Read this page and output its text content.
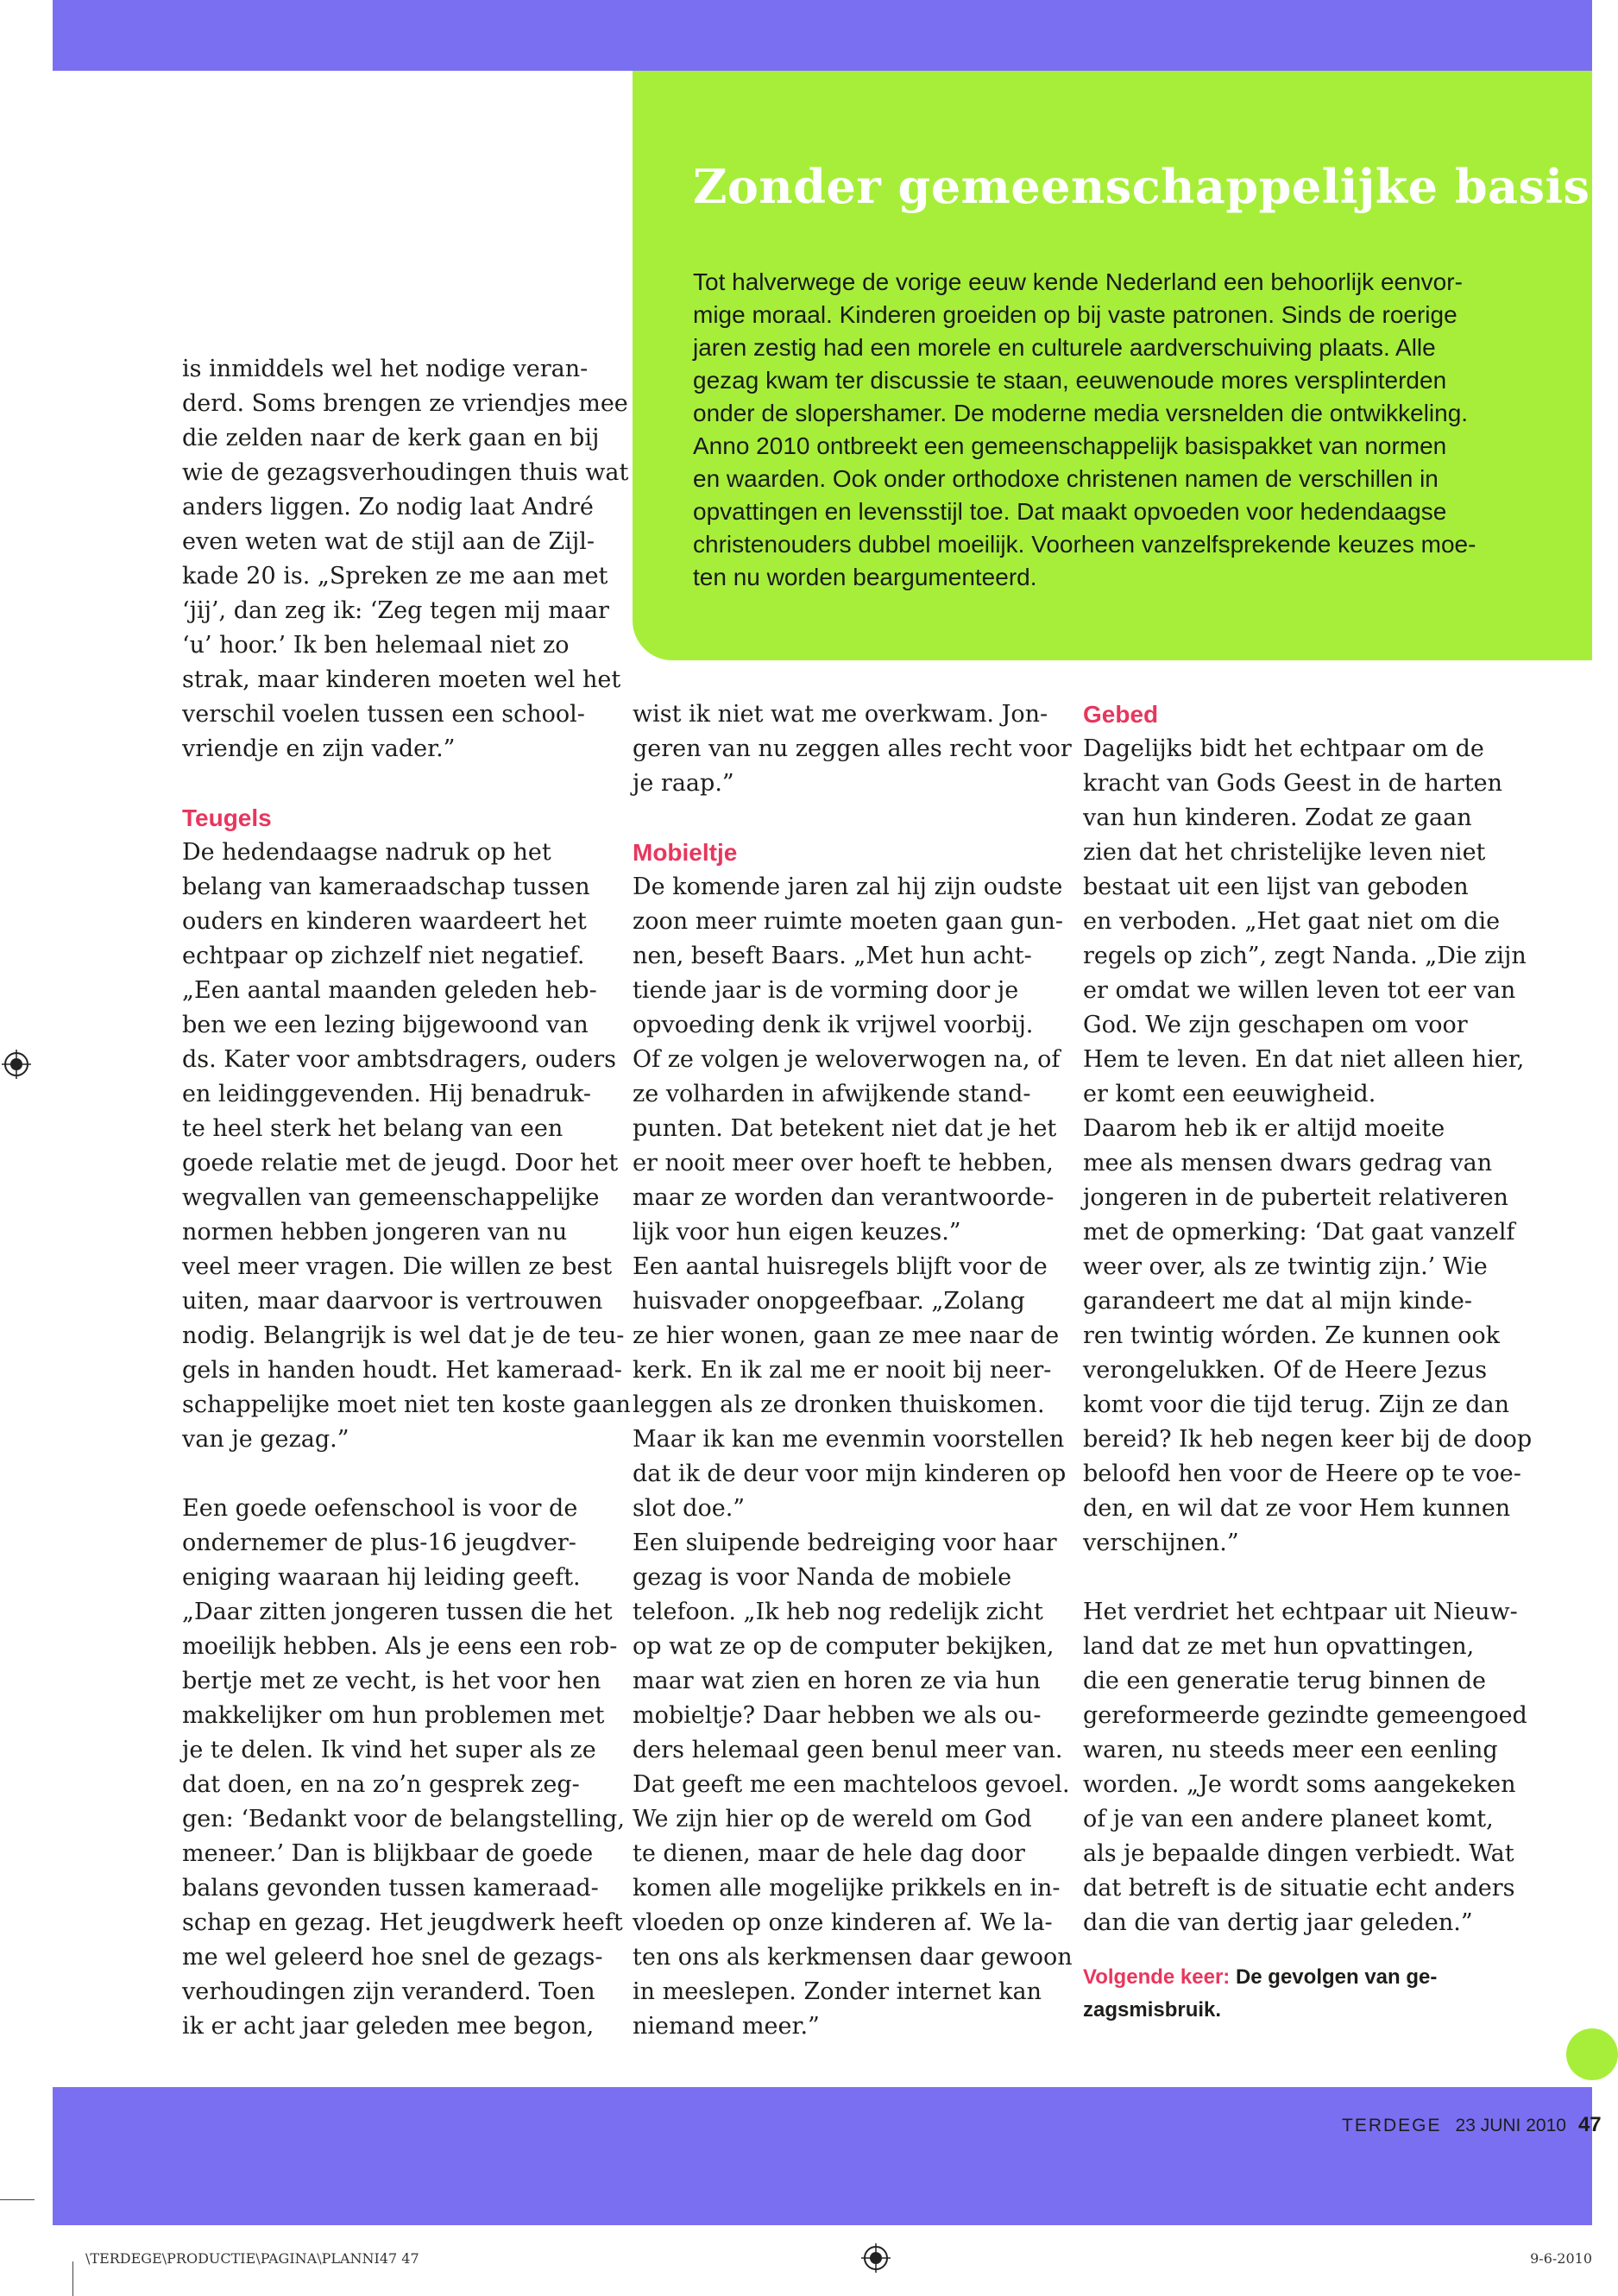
Zonder gemeenschappelijke basis
Tot halverwege de vorige eeuw kende Nederland een behoorlijk eenvor-
mige moraal. Kinderen groeiden op bij vaste patronen. Sinds de roerige
jaren zestig had een morele en culturele aardverschuiving plaats. Alle
gezag kwam ter discussie te staan, eeuwenoude mores versplinterden
onder de slopershamer. De moderne media versnelden die ontwikkeling.
Anno 2010 ontbreekt een gemeenschappelijk basispakket van normen
en waarden. Ook onder orthodoxe christenen namen de verschillen in
opvattingen en levensstijl toe. Dat maakt opvoeden voor hedendaagse
christenouders dubbel moeilijk. Voorheen vanzelfsprekende keuzes moe-
ten nu worden beargumenteerd.
is inmiddels wel het nodige veran-
derd. Soms brengen ze vriendjes mee
die zelden naar de kerk gaan en bij
wie de gezagsverhoudingen thuis wat
anders liggen. Zo nodig laat André
even weten wat de stijl aan de Zijl-
kade 20 is. „Spreken ze me aan met
‘jij’, dan zeg ik: ‘Zeg tegen mij maar
‘u’ hoor.’ Ik ben helemaal niet zo
strak, maar kinderen moeten wel het
verschil voelen tussen een school-
vriendje en zijn vader.”
Teugels
De hedendaagse nadruk op het
belang van kameraadschap tussen
ouders en kinderen waardeert het
echtpaar op zichzelf niet negatief.
„Een aantal maanden geleden heb-
ben we een lezing bijgewoond van
ds. Kater voor ambtsdragers, ouders
en leidinggevenden. Hij benadruk-
te heel sterk het belang van een
goede relatie met de jeugd. Door het
wegvallen van gemeenschappelijke
normen hebben jongeren van nu
veel meer vragen. Die willen ze best
uiten, maar daarvoor is vertrouwen
nodig. Belangrijk is wel dat je de teu-
gels in handen houdt. Het kameraad-
schappelijke moet niet ten koste gaan
van je gezag.”
Een goede oefenschool is voor de
ondernemer de plus-16 jeugdver-
eniging waaraan hij leiding geeft.
„Daar zitten jongeren tussen die het
moeilijk hebben. Als je eens een rob-
bertje met ze vecht, is het voor hen
makkelijker om hun problemen met
je te delen. Ik vind het super als ze
dat doen, en na zo’n gesprek zeg-
gen: ‘Bedankt voor de belangstelling,
meneer.’ Dan is blijkbaar de goede
balans gevonden tussen kameraad-
schap en gezag. Het jeugdwerk heeft
me wel geleerd hoe snel de gezags-
verhoudingen zijn veranderd. Toen
ik er acht jaar geleden mee begon,
wist ik niet wat me overkwam. Jon-
geren van nu zeggen alles recht voor
je raap.”
Mobieltje
De komende jaren zal hij zijn oudste
zoon meer ruimte moeten gaan gun-
nen, beseft Baars. „Met hun acht-
tiende jaar is de vorming door je
opvoeding denk ik vrijwel voorbij.
Of ze volgen je weloverwogen na, of
ze volharden in afwijkende stand-
punten. Dat betekent niet dat je het
er nooit meer over hoeft te hebben,
maar ze worden dan verantwoorde-
lijk voor hun eigen keuzes.”
Een aantal huisregels blijft voor de
huisvader onopgeefbaar. „Zolang
ze hier wonen, gaan ze mee naar de
kerk. En ik zal me er nooit bij neer-
leggen als ze dronken thuiskomen.
Maar ik kan me evenmin voorstellen
dat ik de deur voor mijn kinderen op
slot doe.”
Een sluipende bedreiging voor haar
gezag is voor Nanda de mobiele
telefoon. „Ik heb nog redelijk zicht
op wat ze op de computer bekijken,
maar wat zien en horen ze via hun
mobieltje? Daar hebben we als ou-
ders helemaal geen benul meer van.
Dat geeft me een machteloos gevoel.
We zijn hier op de wereld om God
te dienen, maar de hele dag door
komen alle mogelijke prikkels en in-
vloeden op onze kinderen af. We la-
ten ons als kerkmensen daar gewoon
in meeslepen. Zonder internet kan
niemand meer.”
Gebed
Dagelijks bidt het echtpaar om de
kracht van Gods Geest in de harten
van hun kinderen. Zodat ze gaan
zien dat het christelijke leven niet
bestaat uit een lijst van geboden
en verboden. „Het gaat niet om die
regels op zich”, zegt Nanda. „Die zijn
er omdat we willen leven tot eer van
God. We zijn geschapen om voor
Hem te leven. En dat niet alleen hier,
er komt een eeuwigheid.
Daarom heb ik er altijd moeite
mee als mensen dwars gedrag van
jongeren in de puberteit relativeren
met de opmerking: ‘Dat gaat vanzelf
weer over, als ze twintig zijn.’ Wie
garandeert me dat al mijn kinde-
ren twintig wórden. Ze kunnen ook
verongelukken. Of de Heere Jezus
komt voor die tijd terug. Zijn ze dan
bereid? Ik heb negen keer bij de doop
beloofd hen voor de Heere op te voe-
den, en wil dat ze voor Hem kunnen
verschijnen.”
Het verdriet het echtpaar uit Nieuw-
land dat ze met hun opvattingen,
die een generatie terug binnen de
gereformeerde gezindte gemeengoed
waren, nu steeds meer een eenling
worden. „Je wordt soms aangekeken
of je van een andere planeet komt,
als je bepaalde dingen verbiedt. Wat
dat betreft is de situatie echt anders
dan die van dertig jaar geleden.”
Volgende keer: De gevolgen van ge-
zagsmisbruik.
TERDEGE 23 JUNI 2010 47
\TERDEGE\PRODUCTIE\PAGINA\PLANNI47 47	9-6-2010
